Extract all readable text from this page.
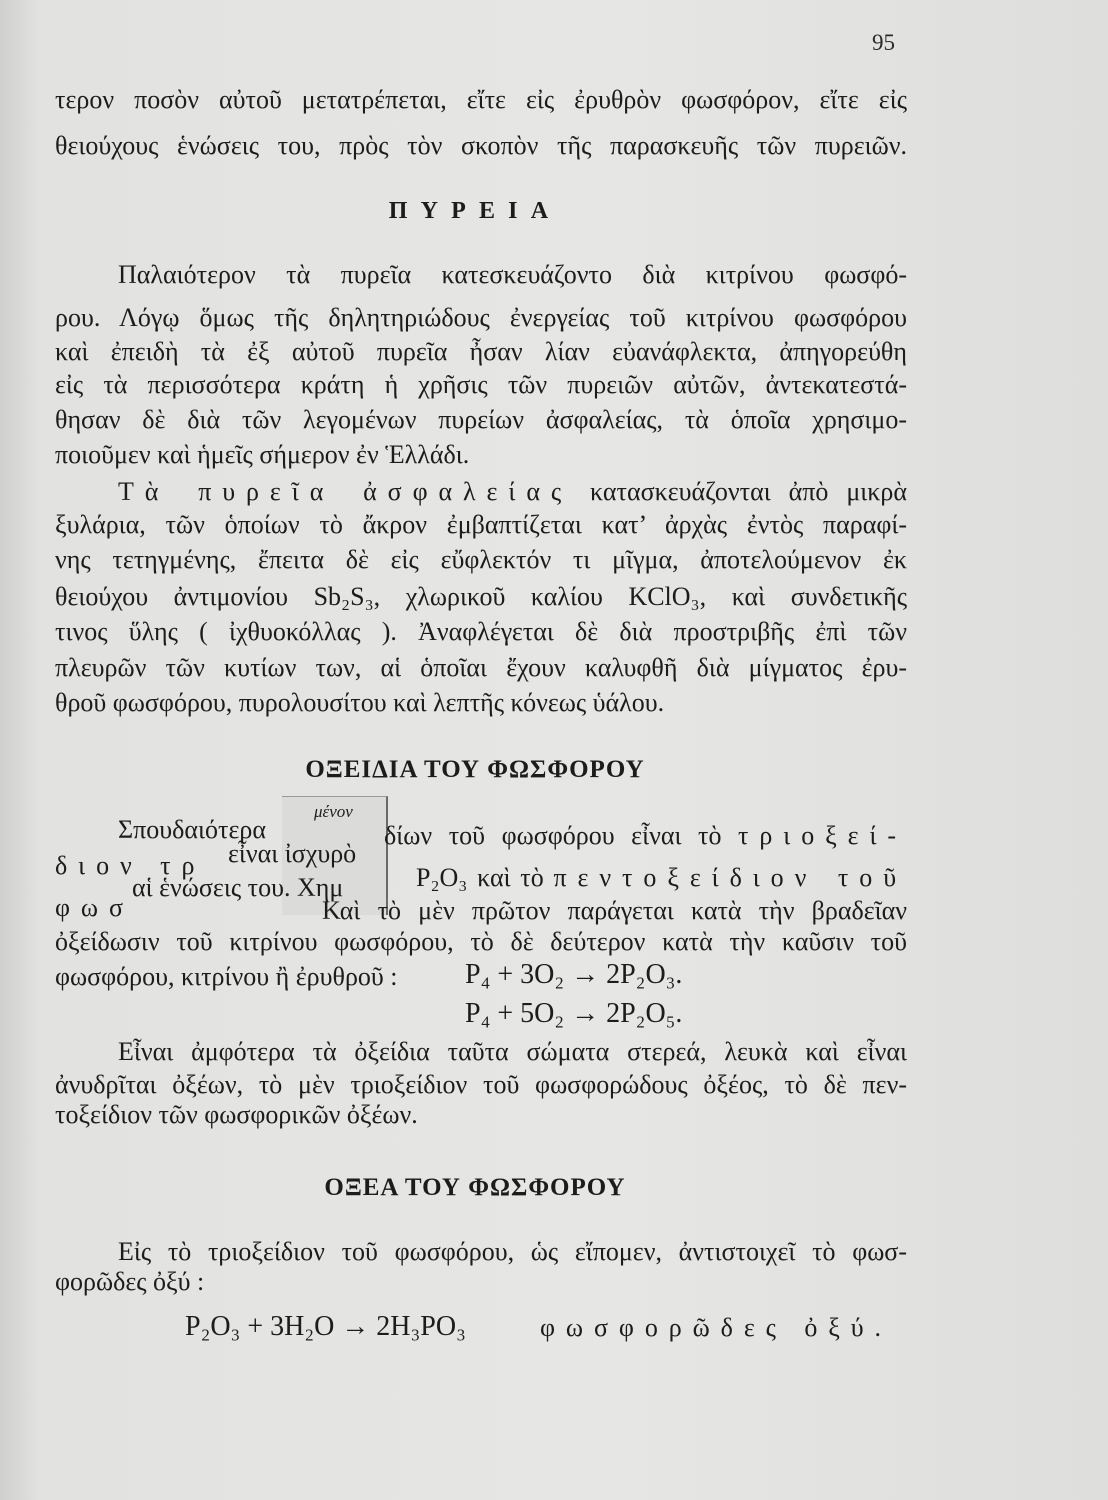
95
τερον ποσὸν αὐτοῦ μετατρέπεται, εἴτε εἰς ἐρυθρὸν φωσφόρον, εἴτε εἰς
θειούχους ἑνώσεις του, πρὸς τὸν σκοπὸν τῆς παρασκευῆς τῶν πυρειῶν.
ΠΥΡΕΙΑ
Παλαιότερον τὰ πυρεῖα κατεσκευάζοντο διὰ κιτρίνου φωσφό-
ρου. Λόγῳ ὅμως τῆς δηλητηριώδους ἐνεργείας τοῦ κιτρίνου φωσφόρου
καὶ ἐπειδὴ τὰ ἐξ αὐτοῦ πυρεῖα ἦσαν λίαν εὐανάφλεκτα, ἀπηγορεύθη
εἰς τὰ περισσότερα κράτη ἡ χρῆσις τῶν πυρειῶν αὐτῶν, ἀντεκατεστά-
θησαν δὲ διὰ τῶν λεγομένων πυρείων ἀσφαλείας, τὰ ὁποῖα χρησιμο-
ποιοῦμεν καὶ ἡμεῖς σήμερον ἐν Ἑλλάδι.
Τὰ πυρεῖα ἀσφαλείας κατασκευάζονται ἀπὸ μικρὰ
ξυλάρια, τῶν ὁποίων τὸ ἄκρον ἐμβαπτίζεται κατ’ ἀρχὰς ἐντὸς παραφί-
νης τετηγμένης, ἔπειτα δὲ εἰς εὔφλεκτόν τι μῖγμα, ἀποτελούμενον ἐκ
θειούχου ἀντιμονίου Sb₂S₃, χλωρικοῦ καλίου KClO₃, καὶ συνδετικῆς
τινος ὕλης ( ἰχθυοκόλλας ). Ἀναφλέγεται δὲ διὰ προστριβῆς ἐπὶ τῶν
πλευρῶν τῶν κυτίων των, αἱ ὁποῖαι ἔχουν καλυφθῆ διὰ μίγματος ἐρυ-
θροῦ φωσφόρου, πυρολουσίτου καὶ λεπτῆς κόνεως ὑάλου.
ΟΞΕΙΔΙΑ ΤΟΥ ΦΩΣΦΟΡΟΥ
Σπουδαιότερα
μένον
δίων τοῦ φωσφόρου εἶναι τὸ τριοξεί-
εἶναι ἰσχυρὸ
διον τρ	P₂O₃ καὶ τὸ πεντοξείδιον τοῦ
αἱ ἑνώσεις του. Χημ
φωσ	Καὶ τὸ μὲν πρῶτον παράγεται κατὰ τὴν βραδεῖαν
ὀξείδωσιν τοῦ κιτρίνου φωσφόρου, τὸ δὲ δεύτερον κατὰ τὴν καῦσιν τοῦ
φωσφόρου, κιτρίνου ἢ ἐρυθροῦ : P₄ + 3O₂ → 2P₂O₃.
P₄ + 5O₂ → 2P₂O₅.
Εἶναι ἀμφότερα τὰ ὀξείδια ταῦτα σώματα στερεά, λευκὰ καὶ εἶναι
ἀνυδρῖται ὀξέων, τὸ μὲν τριοξείδιον τοῦ φωσφορώδους ὀξέος, τὸ δὲ πεν-
τοξείδιον τῶν φωσφορικῶν ὀξέων.
ΟΞΕΑ ΤΟΥ ΦΩΣΦΟΡΟΥ
Εἰς τὸ τριοξείδιον τοῦ φωσφόρου, ὡς εἴπομεν, ἀντιστοιχεῖ τὸ φωσ-
φορῶδες ὀξύ :
P₂O₃ + 3H₂O → 2H₃PO₃	φωσφορῶδες ὀξύ.
